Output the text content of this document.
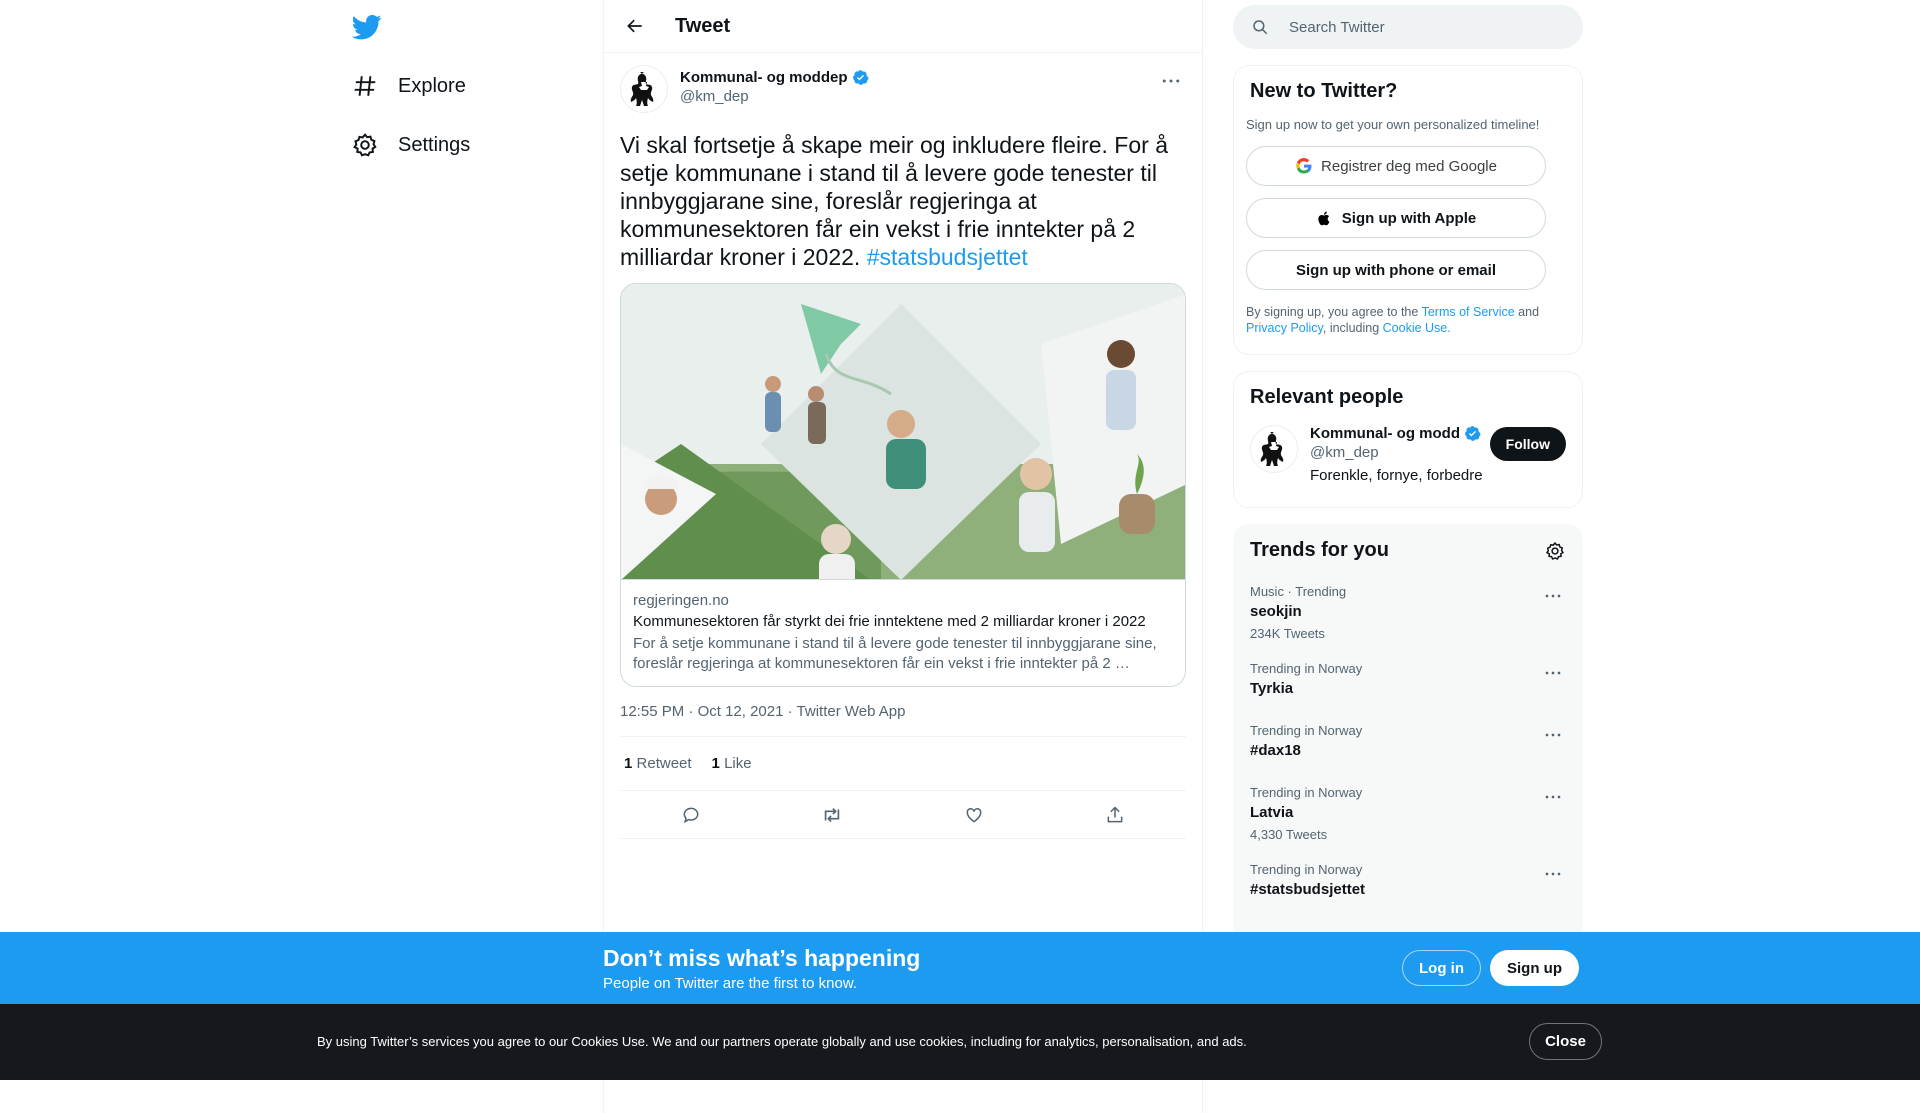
Explore
Settings
Tweet
Kommunal- og moddep
@km_dep
Vi skal fortsetje å skape meir og inkludere fleire. For å setje kommunane i stand til å levere gode tenester til innbyggjarane sine, foreslår regjeringa at kommunesektoren får ein vekst i frie inntekter på 2 milliardar kroner i 2022. #statsbudsjettet
regjeringen.no
Kommunesektoren får styrkt dei frie inntektene med 2 milliardar kroner i 2022
For å setje kommunane i stand til å levere gode tenester til innbyggjarane sine, foreslår regjeringa at kommunesektoren får ein vekst i frie inntekter på 2 …
12:55 PM · Oct 12, 2021 · Twitter Web App
1 Retweet 1 Like
Search Twitter
New to Twitter?
Sign up now to get your own personalized timeline!
Registrer deg med Google
Sign up with Apple
Sign up with phone or email
By signing up, you agree to the Terms of Service and
Privacy Policy, including Cookie Use.
Relevant people
Kommunal- og modd
@km_dep
Forenkle, fornye, forbedre
Follow
Trends for you
Music · Trending
seokjin
234K Tweets
Trending in Norway
Tyrkia
Trending in Norway
#dax18
Trending in Norway
Latvia
4,330 Tweets
Trending in Norway
#statsbudsjettet
Don’t miss what’s happening
People on Twitter are the first to know.
Log in	Sign up
By using Twitter’s services you agree to our Cookies Use. We and our partners operate globally and use cookies, including for analytics, personalisation, and ads.	Close
